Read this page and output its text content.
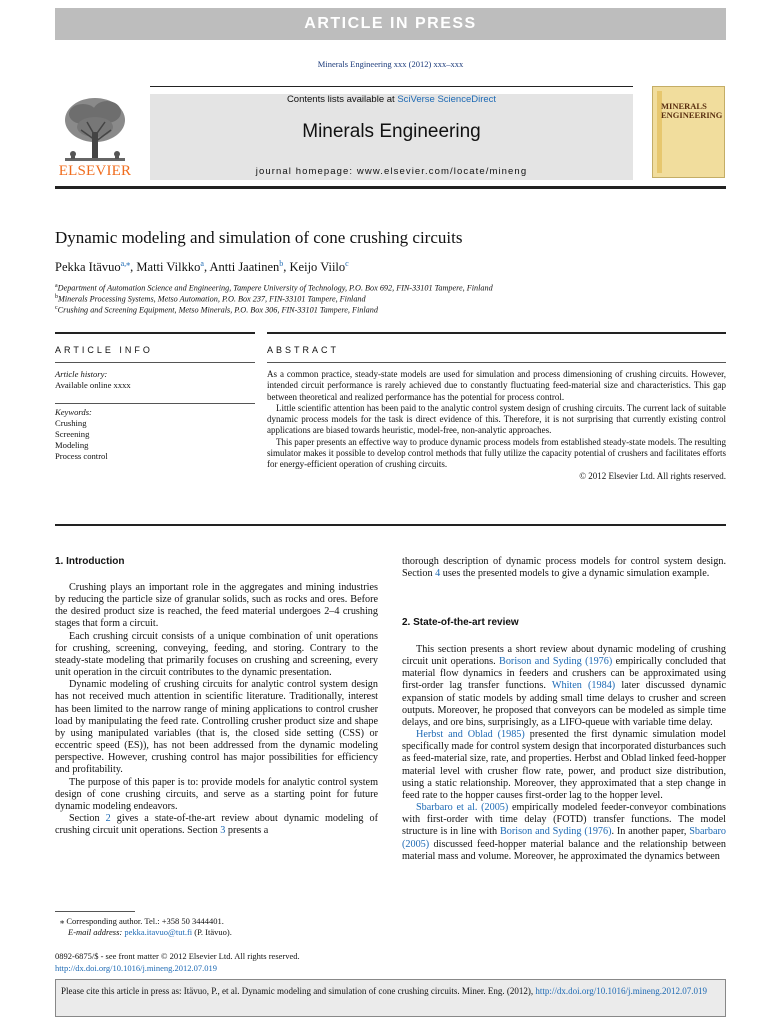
ARTICLE IN PRESS
Minerals Engineering xxx (2012) xxx–xxx
ELSEVIER
Contents lists available at SciVerse ScienceDirect
Minerals Engineering
journal homepage: www.elsevier.com/locate/mineng
MINERALS ENGINEERING
Dynamic modeling and simulation of cone crushing circuits
Pekka Itävuo$^{a,⁎}$, Matti Vilkko$^a$, Antti Jaatinen$^b$, Keijo Viilo$^c$
$^a$Department of Automation Science and Engineering, Tampere University of Technology, P.O. Box 692, FIN-33101 Tampere, Finland
$^b$Minerals Processing Systems, Metso Automation, P.O. Box 237, FIN-33101 Tampere, Finland
$^c$Crushing and Screening Equipment, Metso Minerals, P.O. Box 306, FIN-33101 Tampere, Finland
ARTICLE INFO
Article history:
Available online xxxx
Keywords:
Crushing
Screening
Modeling
Process control
ABSTRACT

As a common practice, steady-state models are used for simulation and process dimensioning of crushing circuits. However, intended circuit performance is rarely achieved due to constantly fluctuating feed-material size and characteristics. This gap between theoretical and realized performance has the potential for process control.

Little scientific attention has been paid to the analytic control system design of crushing circuits. The current lack of suitable dynamic process models for the task is direct evidence of this. Therefore, it is not surprising that currently existing control applications are biased towards heuristic, model-free, non-analytic approaches.

This paper presents an effective way to produce dynamic process models from established steady-state models. The resulting simulator makes it possible to develop control methods that fully utilize the capacity potential of crushers and facilitates efforts for energy-efficient operation of crushing circuits.

© 2012 Elsevier Ltd. All rights reserved.
1. Introduction

Crushing plays an important role in the aggregates and mining industries by reducing the particle size of granular solids, such as rocks and ores. Before the desired product size is reached, the feed material undergoes 2–4 crushing stages that form a circuit.

Each crushing circuit consists of a unique combination of unit operations for crushing, screening, conveying, feeding, and storing. Contrary to the steady-state modeling that primarily focuses on crushing and screening, every unit operation in the circuit contributes to the dynamic presentation.

Dynamic modeling of crushing circuits for analytic control system design has not received much attention in scientific literature. Traditionally, interest has been limited to the narrow range of mining applications to control crusher load by manipulating the feed rate. Controlling crusher product size and shape by using manipulated variables (that is, the closed side setting (CSS) or eccentric speed (ES)), has not been addressed from the dynamic modeling perspective. However, crushing control has major possibilities for efficiency and profitability.

The purpose of this paper is to: provide models for analytic control system design of cone crushing circuits, and serve as a starting point for future dynamic modeling endeavors.

Section 2 gives a state-of-the-art review about dynamic modeling of crushing circuit unit operations. Section 3 presents a

⁎ Corresponding author. Tel.: +358 50 3444401.
E-mail address: pekka.itavuo@tut.fi (P. Itävuo).

thorough description of dynamic process models for control system design. Section 4 uses the presented models to give a dynamic simulation example.

2. State-of-the-art review

This section presents a short review about dynamic modeling of crushing circuit unit operations. Borison and Syding (1976) empirically concluded that material flow dynamics in feeders and crushers can be approximated using first-order lag transfer functions. Whiten (1984) later discussed dynamic expansion of static models by adding small time delays to crusher and screen outputs. Moreover, he proposed that conveyors can be modeled as simple time delays, and ore bins, surprisingly, as a LIFO-queue with variable time delay.

Herbst and Oblad (1985) presented the first dynamic simulation model specifically made for control system design that incorporated disturbances such as feed-material size, rate, and properties. Herbst and Oblad linked feed-hopper material level with crusher flow rate, power, and product size distribution, using a static relationship. Moreover, they approximated that a step change in feed rate to the hopper causes first-order lag to the hopper level.

Sbarbaro et al. (2005) empirically modeled feeder-conveyor combinations with first-order with time delay (FOTD) transfer functions. The model structure is in line with Borison and Syding (1976). In another paper, Sbarbaro (2005) discussed feed-hopper material balance and the relationship between material mass and volume. Moreover, he approximated the dynamics between

0892-6875/$ - see front matter © 2012 Elsevier Ltd. All rights reserved.
http://dx.doi.org/10.1016/j.mineng.2012.07.019
Please cite this article in press as: Itävuo, P., et al. Dynamic modeling and simulation of cone crushing circuits. Miner. Eng. (2012), http://dx.doi.org/10.1016/j.mineng.2012.07.019
